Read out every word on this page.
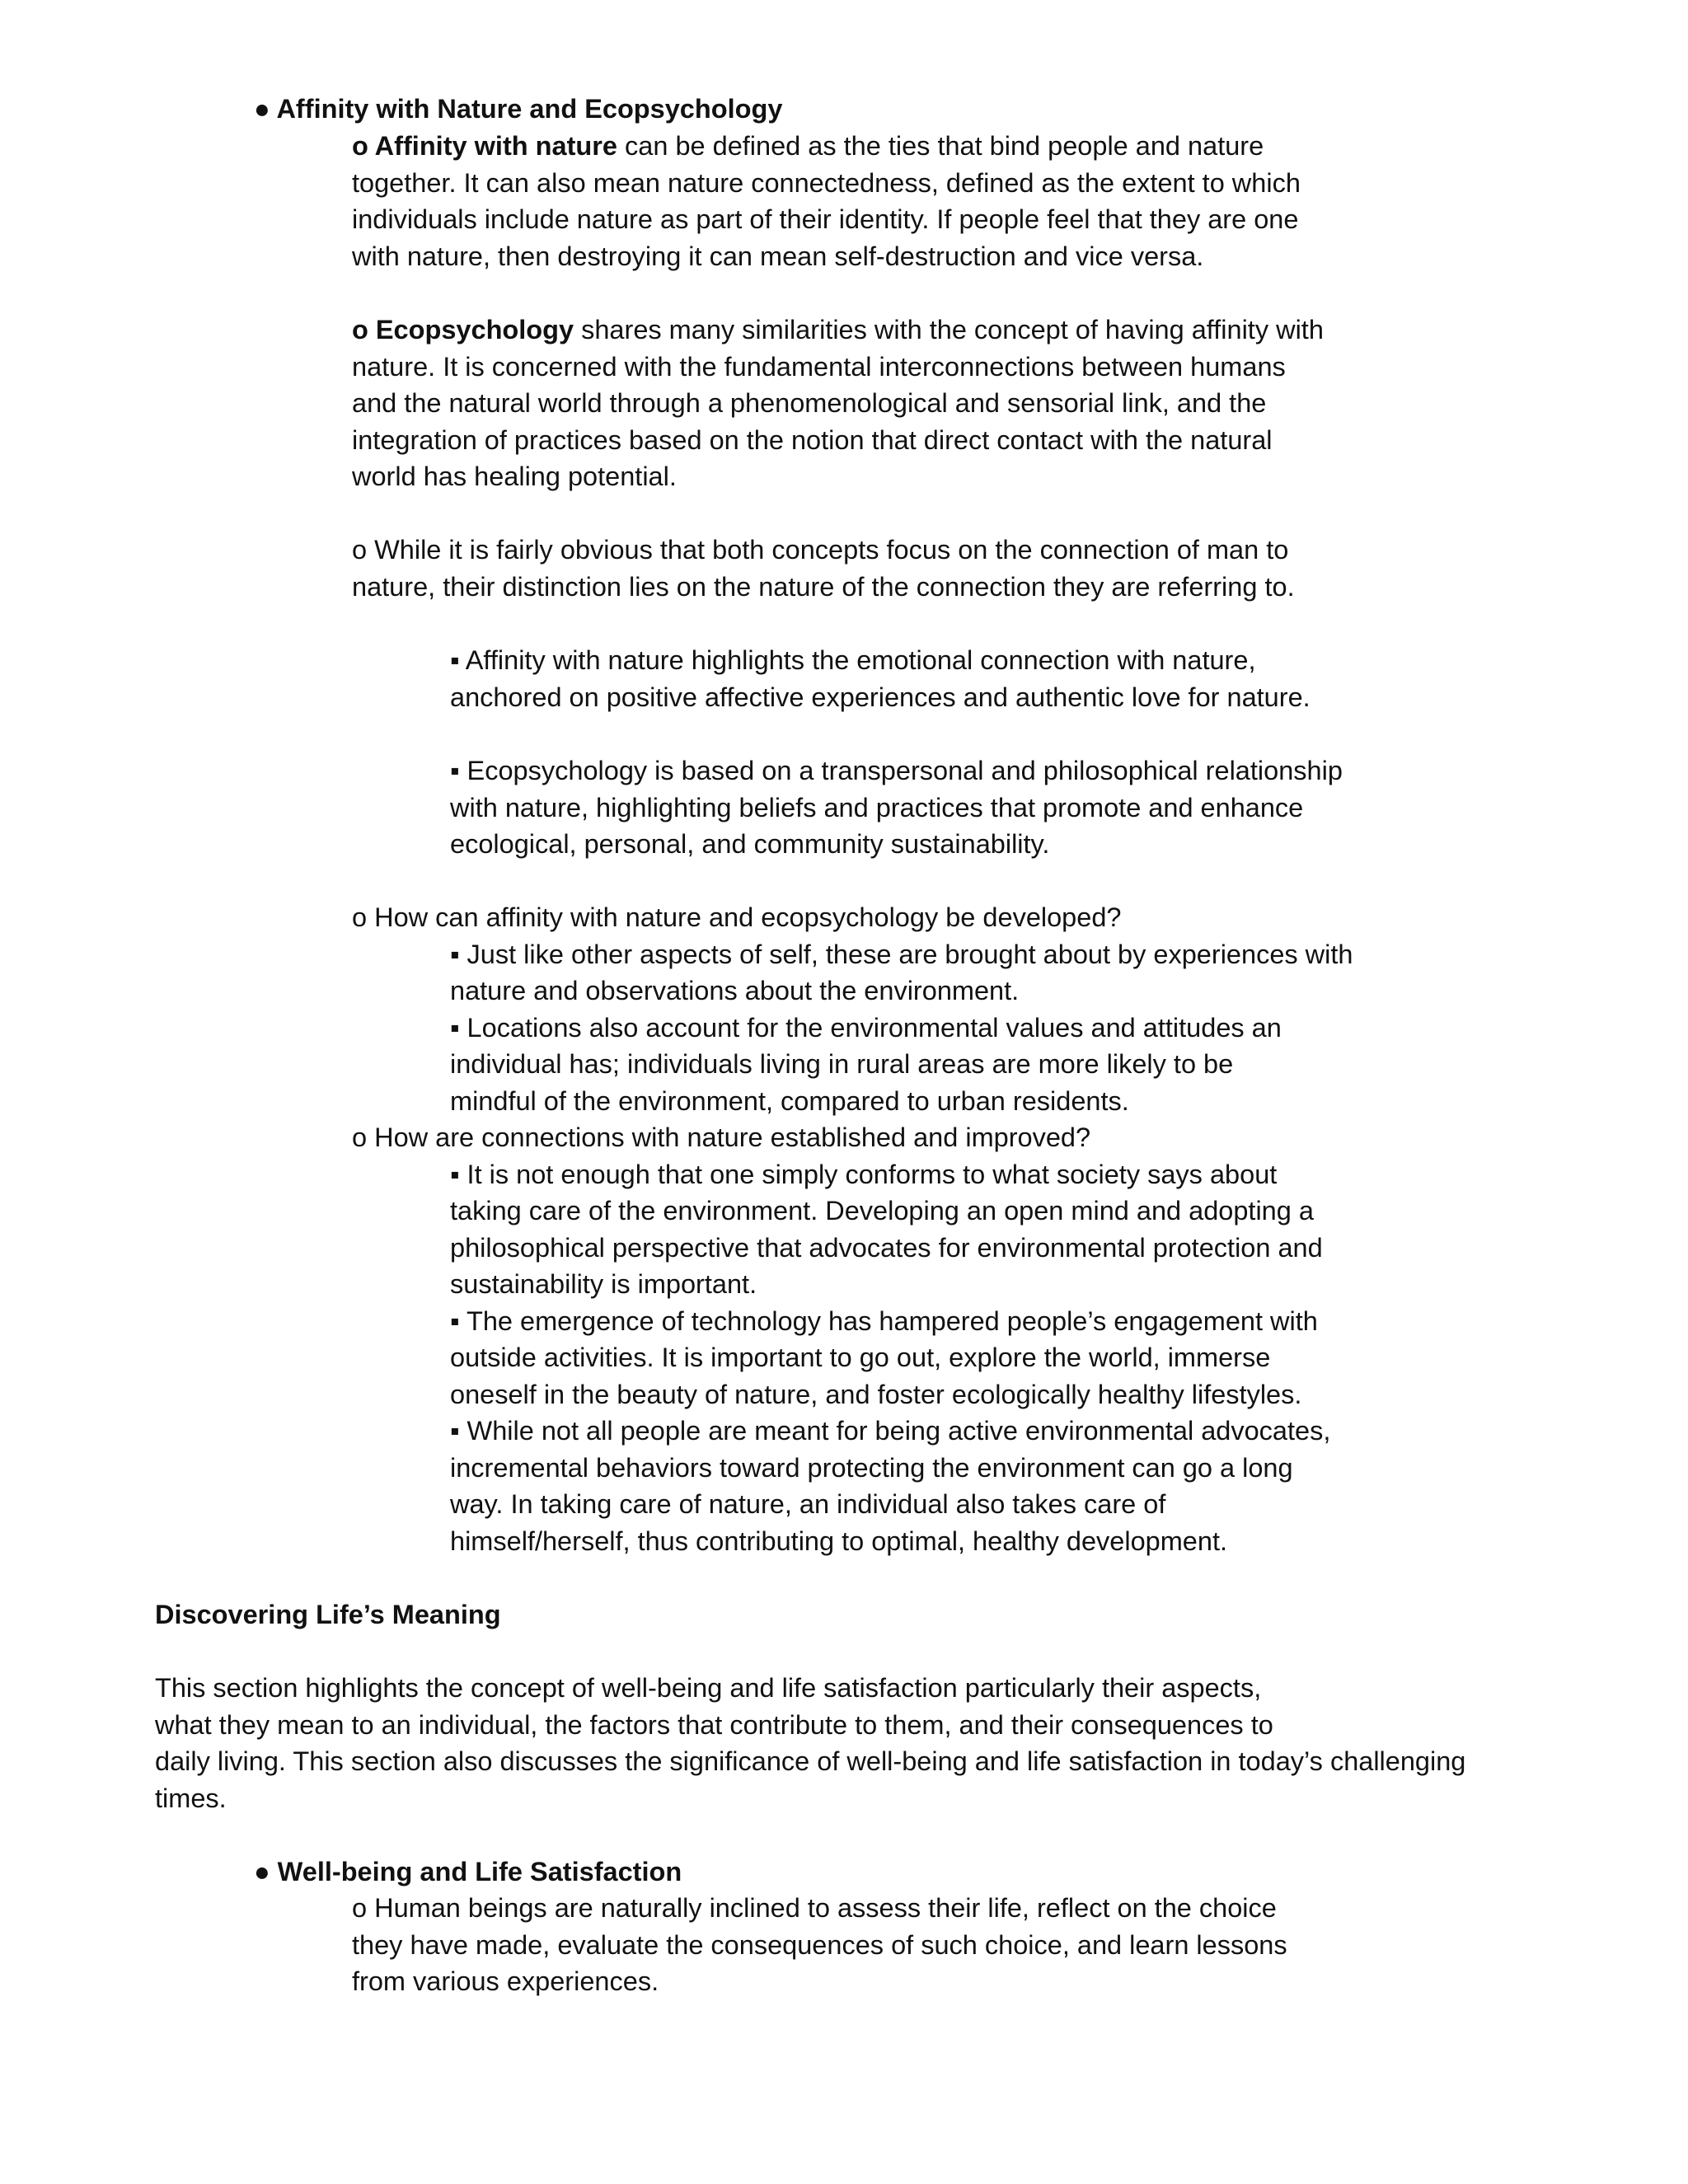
● Affinity with Nature and Ecopsychology
o Affinity with nature can be defined as the ties that bind people and nature
together. It can also mean nature connectedness, defined as the extent to which
individuals include nature as part of their identity. If people feel that they are one
with nature, then destroying it can mean self-destruction and vice versa.
o Ecopsychology shares many similarities with the concept of having affinity with
nature. It is concerned with the fundamental interconnections between humans
and the natural world through a phenomenological and sensorial link, and the
integration of practices based on the notion that direct contact with the natural
world has healing potential.
o While it is fairly obvious that both concepts focus on the connection of man to
nature, their distinction lies on the nature of the connection they are referring to.
▪ Affinity with nature highlights the emotional connection with nature,
anchored on positive affective experiences and authentic love for nature.
▪ Ecopsychology is based on a transpersonal and philosophical relationship
with nature, highlighting beliefs and practices that promote and enhance
ecological, personal, and community sustainability.
o How can affinity with nature and ecopsychology be developed?
▪ Just like other aspects of self, these are brought about by experiences with
nature and observations about the environment.
▪ Locations also account for the environmental values and attitudes an
individual has; individuals living in rural areas are more likely to be
mindful of the environment, compared to urban residents.
o How are connections with nature established and improved?
▪ It is not enough that one simply conforms to what society says about
taking care of the environment. Developing an open mind and adopting a
philosophical perspective that advocates for environmental protection and
sustainability is important.
▪ The emergence of technology has hampered people’s engagement with
outside activities. It is important to go out, explore the world, immerse
oneself in the beauty of nature, and foster ecologically healthy lifestyles.
▪ While not all people are meant for being active environmental advocates,
incremental behaviors toward protecting the environment can go a long
way. In taking care of nature, an individual also takes care of
himself/herself, thus contributing to optimal, healthy development.
Discovering Life’s Meaning
This section highlights the concept of well-being and life satisfaction particularly their aspects,
what they mean to an individual, the factors that contribute to them, and their consequences to
daily living. This section also discusses the significance of well-being and life satisfaction in today’s challenging
times.
● Well-being and Life Satisfaction
o Human beings are naturally inclined to assess their life, reflect on the choice
they have made, evaluate the consequences of such choice, and learn lessons
from various experiences.
